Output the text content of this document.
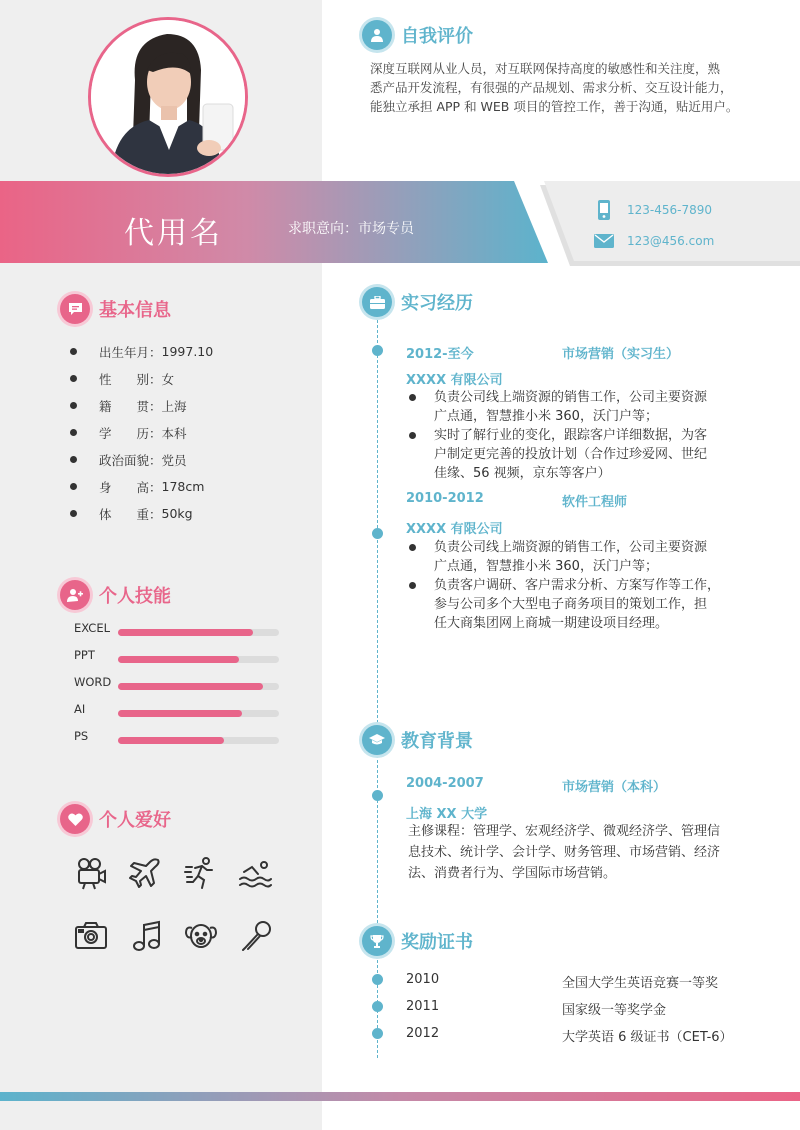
代用名	求职意向：市场专员
123-456-7890
123@456.com
自我评价
深度互联网从业人员，对互联网保持高度的敏感性和关注度，熟
悉产品开发流程，有很强的产品规划、需求分析、交互设计能力，
能独立承担 APP 和 WEB 项目的管控工作，善于沟通，贴近用户。
基本信息
出生年月： 1997.10
性　　别： 女
籍　　贯： 上海
学　　历： 本科
政治面貌： 党员
身　　高： 178cm
体　　重： 50kg
个人技能
EXCEL
PPT
WORD
AI
PS
个人爱好
实习经历
2012-至今	市场营销（实习生）
XXXX 有限公司
负责公司线上端资源的销售工作，公司主要资源
广点通，智慧推小米 360，沃门户等；
实时了解行业的变化，跟踪客户详细数据，为客
户制定更完善的投放计划（合作过珍爱网、世纪
佳缘、56 视频，京东等客户）
2010-2012	软件工程师
XXXX 有限公司
负责公司线上端资源的销售工作，公司主要资源
广点通，智慧推小米 360，沃门户等；
负责客户调研、客户需求分析、方案写作等工作，
参与公司多个大型电子商务项目的策划工作，担
任大商集团网上商城一期建设项目经理。
教育背景
2004-2007	市场营销（本科）
上海 XX 大学
主修课程：管理学、宏观经济学、微观经济学、管理信
息技术、统计学、会计学、财务管理、市场营销、经济
法、消费者行为、学国际市场营销。
奖励证书
2010	全国大学生英语竞赛一等奖
2011	国家级一等奖学金
2012	大学英语 6 级证书（CET-6）
